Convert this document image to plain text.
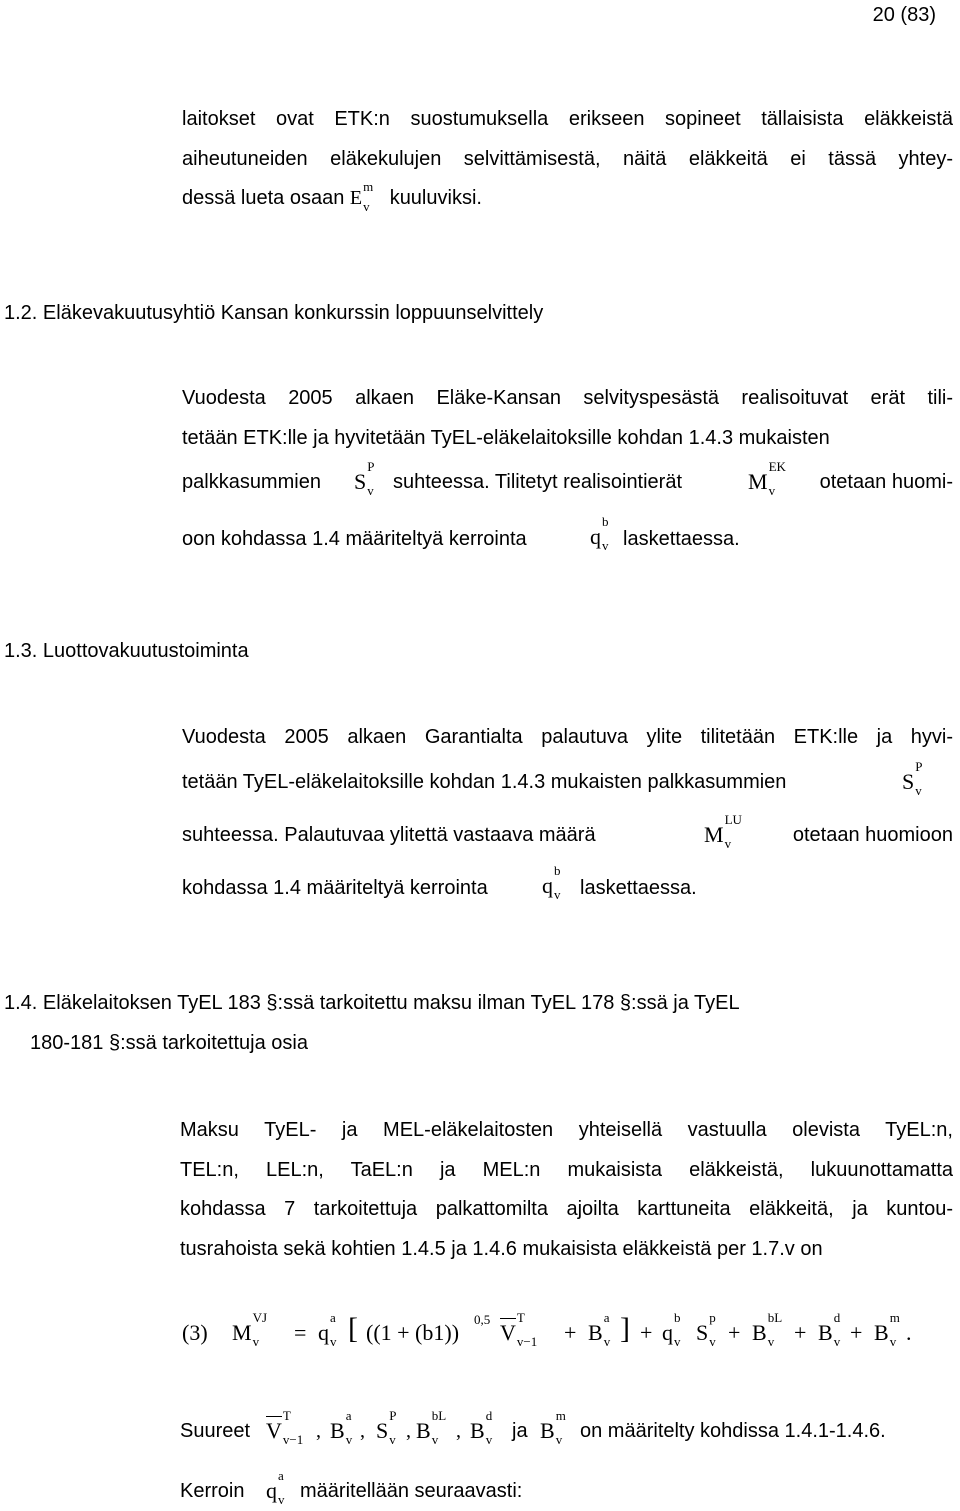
20 (83)
laitokset ovat ETK:n suostumuksella erikseen sopineet tällaisista eläkkeistä
aiheutuneiden eläkekulujen selvittämisestä, näitä eläkkeitä ei tässä yhtey-
dessä lueta osaan E
m
v kuuluviksi.
1.2. Eläkevakuutusyhtiö Kansan konkurssin loppuunselvittely
Vuodesta 2005 alkaen Eläke-Kansan selvityspesästä realisoituvat erät tili-
tetään ETK:lle ja hyvitetään TyEL-eläkelaitoksille kohdan 1.4.3 mukaisten
palkkasummien S
P
v suhteessa. Tilitetyt realisointierät	M
EK
v otetaan huomi-
oon kohdassa 1.4 määriteltyä kerrointa	q
b
v laskettaessa.
1.3. Luottovakuutustoiminta
Vuodesta 2005 alkaen Garantialta palautuva ylite tilitetään ETK:lle ja hyvi-
tetään TyEL-eläkelaitoksille kohdan 1.4.3 mukaisten palkkasummien	S
P
v
suhteessa. Palautuvaa ylitettä vastaava määrä	M
LU
v	otetaan huomioon
kohdassa 1.4 määriteltyä kerrointa q
b
v laskettaessa.
1.4. Eläkelaitoksen TyEL 183 §:ssä tarkoitettu maksu ilman TyEL 178 §:ssä ja TyEL
180-181 §:ssä tarkoitettuja osia
Maksu TyEL- ja MEL-eläkelaitosten yhteisellä vastuulla olevista TyEL:n,
TEL:n, LEL:n, TaEL:n ja MEL:n mukaisista eläkkeistä, lukuunottamatta
kohdassa 7 tarkoitettuja palkattomilta ajoilta karttuneita eläkkeitä, ja kuntou-
tusrahoista sekä kohtien 1.4.5 ja 1.4.6 mukaisista eläkkeistä per 1.7.v on
(3) M
VJ
v = q
a
v [ ((1 + (b1))
0,5
V
T
v−1 + B
a
v ] + q
b
v S
p
v + B
bL
v + B
d
v + B
m
v .
Suureet V
T
v−1 , B
a
v , S
P
v , B
bL
v , B
d
v ja B
m
v on määritelty kohdissa 1.4.1-1.4.6.
Kerroin q
a
v määritellään seuraavasti:
